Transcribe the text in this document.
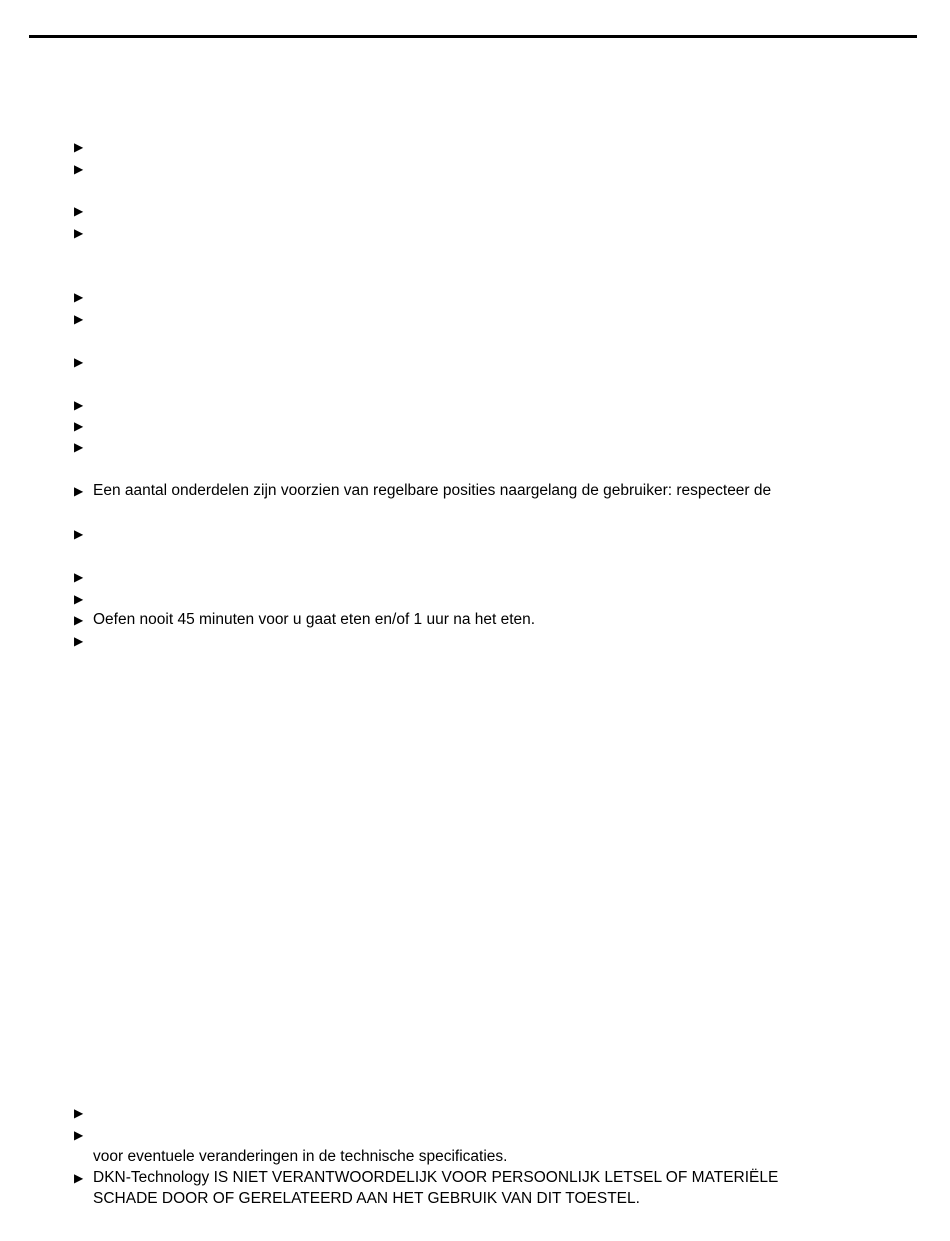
▶
▶
▶
▶
▶
▶
▶
▶
▶
▶
▶ Een aantal onderdelen zijn voorzien van regelbare posities naargelang de gebruiker: respecteer de
▶
▶
▶
▶ Oefen nooit 45 minuten voor u gaat eten en/of 1 uur na het eten.
▶
▶
▶
voor eventuele veranderingen in de technische specificaties.
▶ DKN-Technology IS NIET VERANTWOORDELIJK VOOR PERSOONLIJK LETSEL OF MATERIËLE
SCHADE DOOR OF GERELATEERD AAN HET GEBRUIK VAN DIT TOESTEL.
